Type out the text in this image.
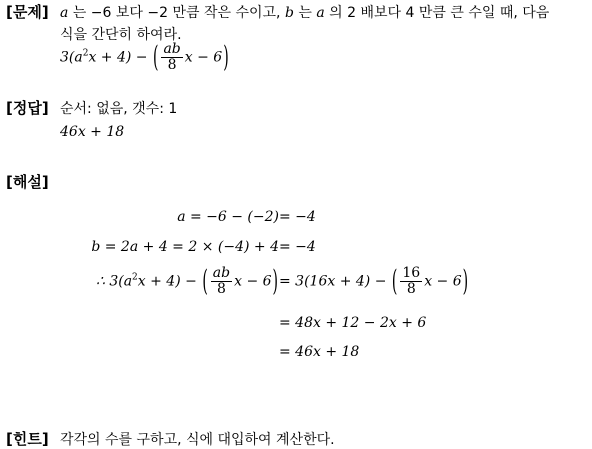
[문제] a 는 −6 보다 −2 만큼 작은 수이고, b 는 a 의 2 배보다 4 만큼 큰 수일 때, 다음
식을 간단히 하여라.
$3(a^2x + 4)$ − ( $\frac{ab}{8}$ x − 6)
[정답] 순서: 없음, 갯수: 1
46x + 18
[해설]
a = −6 − (−2) = −4
b = 2a + 4 = 2 × (−4) + 4 = −4
∴ $3(a^2x + 4)$ − ( $\frac{ab}{8}$ x − 6) = 3(16x + 4) − ( $\frac{16}{8}$ x − 6)
= 48x + 12 − 2x + 6
= 46x + 18
[힌트] 각각의 수를 구하고, 식에 대입하여 계산한다.
